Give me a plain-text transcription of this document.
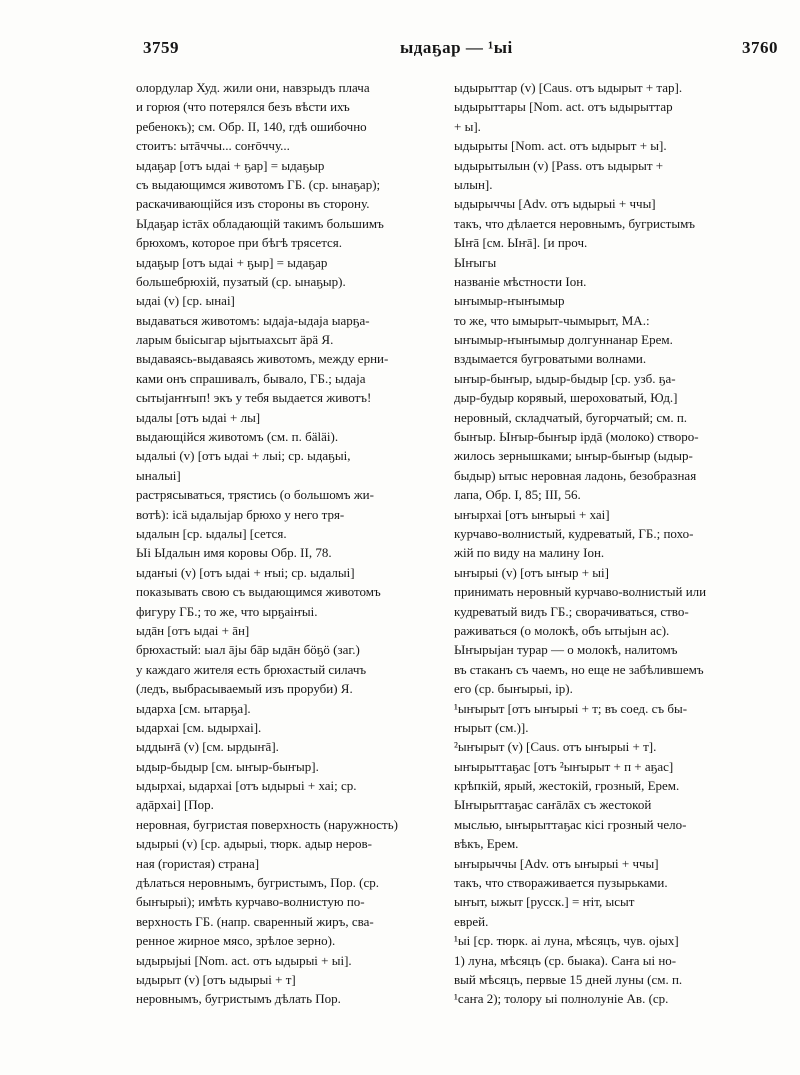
3759	ыдаҕар — ¹ыі	3760
олордулар Худ. жили они, навзрыдъ плача
и горюя (что потерялся безъ вѣсти ихъ
ребенокъ); см. Обр. II, 140, гдѣ ошибочно
стоитъ: ытāччы... соҥōччу...
ыдаҕар [отъ ыдаі + ҕар] = ыдаҕыр
съ выдающимся животомъ ГБ. (ср. ынаҕар);
раскачивающійся изъ стороны въ сторону.
Ыдаҕар істāх обладающій такимъ большимъ
брюхомъ, которое при бѣгѣ трясется.
ыдаҕыр [отъ ыдаі + ҕыр] = ыдаҕар
большебрюхій, пузатый (ср. ынаҕыр).
ыдаі (v) [ср. ынаі]
выдаваться животомъ: ыдаја-ыдаја ыарҕа-
ларым быісыгар ыјытыахсыт äрä Я.
выдаваясь-выдаваясь животомъ, между ерни-
ками онъ спрашивалъ, бывало, ГБ.; ыдаја
сытыјаҥҥып! экъ у тебя выдается животъ!
ыдалы [отъ ыдаі + лы]
выдающійся животомъ (см. п. бäläі).
ыдалыі (v) [отъ ыдаі + лыі; ср. ыдаҕыі,
ыналыі]
растрясываться, трястись (о большомъ жи-
вотѣ): ісä ыдалыјар брюхо у него тря-
ыдалын [ср. ыдалы] [сется.
Ыі Ыдалын имя коровы Обр. II, 78.
ыдаҥыі (v) [отъ ыдаі + ҥыі; ср. ыдалыі]
показывать свою съ выдающимся животомъ
фигуру ГБ.; то же, что ырҕаіҥыі.
ыдāн [отъ ыдаі + āн]
брюхастый: ыал āјы бāр ыдāн бöҕö (заг.)
у каждаго жителя есть брюхастый силачъ
(ледъ, выбрасываемый изъ проруби) Я.
ыдарха [см. ытарҕа].
ыдархаі [см. ыдырхаі].
ыддыҥā (v) [см. ырдыҥā].
ыдыр-быдыр [см. ыҥыр-быҥыр].
ыдырхаі, ыдархаі [отъ ыдырыі + хаі; ср.
адāрхаі] [Пор.
неровная, бугристая поверхность (наружность)
ыдырыі (v) [ср. адырыі, тюрк. адыр неров-
ная (гористая) страна]
дѣлаться неровнымъ, бугристымъ, Пор. (ср.
быҥырыі); имѣть курчаво-волнистую по-
верхность ГБ. (напр. сваренный жиръ, сва-
ренное жирное мясо, зрѣлое зерно).
ыдырыјыі [Nom. act. отъ ыдырыі + ыі].
ыдырыт (v) [отъ ыдырыі + т]
неровнымъ, бугристымъ дѣлать Пор.
ыдырыттар (v) [Caus. отъ ыдырыт + тар].
ыдырыттары [Nom. act. отъ ыдырыттар
+ ы].
ыдырыты [Nom. act. отъ ыдырыт + ы].
ыдырытылын (v) [Pass. отъ ыдырыт +
ылын].
ыдырыччы [Adv. отъ ыдырыі + ччы]
такъ, что дѣлается неровнымъ, бугристымъ
Ыҥā [см. Ыҥā]. [и проч.
Ыҥыгы
названіе мѣстности Іон.
ыҥымыр-ҥыҥымыр
то же, что ымырыт-чымырыт, МА.:
ыҥымыр-ҥыҥымыр долгуннанар Ерем.
вздымается бугроватыми волнами.
ыҥыр-быҥыр, ыдыр-быдыр [ср. узб. ҕа-
дыр-будыр корявый, шероховатый, Юд.]
неровный, складчатый, бугорчатый; см. п.
быҥыр. Ыҥыр-быҥыр ірдā (молоко) створо-
жилось зернышками; ыҥыр-быҥыр (ыдыр-
быдыр) ытыс неровная ладонь, безобразная
лапа, Обр. I, 85; III, 56.
ыҥырхаі [отъ ыҥырыі + хаі]
курчаво-волнистый, кудреватый, ГБ.; похо-
жій по виду на малину Іон.
ыҥырыі (v) [отъ ыҥыр + ыі]
принимать неровный курчаво-волнистый или
кудреватый видъ ГБ.; сворачиваться, ство-
раживаться (о молокѣ, объ ытыјын ас).
Ыҥырыјан турар — о молокѣ, налитомъ
въ стаканъ съ чаемъ, но еще не забѣлившемъ
его (ср. быҥырыі, ір).
¹ыҥырыт [отъ ыҥырыі + т; въ соед. съ бы-
ҥырыт (см.)].
²ыҥырыт (v) [Caus. отъ ыҥырыі + т].
ыҥырыттаҕас [отъ ²ыҥырыт + п + аҕас]
крѣпкій, ярый, жестокій, грозный, Ерем.
Ыҥырыттаҕас саҥāлāх съ жестокой
мыслью, ыҥырыттаҕас кісі грозный чело-
вѣкъ, Ерем.
ыҥырыччы [Adv. отъ ыҥырыі + ччы]
такъ, что створаживается пузырьками.
ыҥыт, ыжыт [русск.] = ҥіт, ысыт
еврей.
¹ыі [ср. тюрк. аі луна, мѣсяцъ, чув. ојых]
1) луна, мѣсяцъ (ср. быака). Саҥа ыі но-
вый мѣсяцъ, первые 15 дней луны (см. п.
¹саҥа 2); толору ыі полнолуніе Ав. (ср.
